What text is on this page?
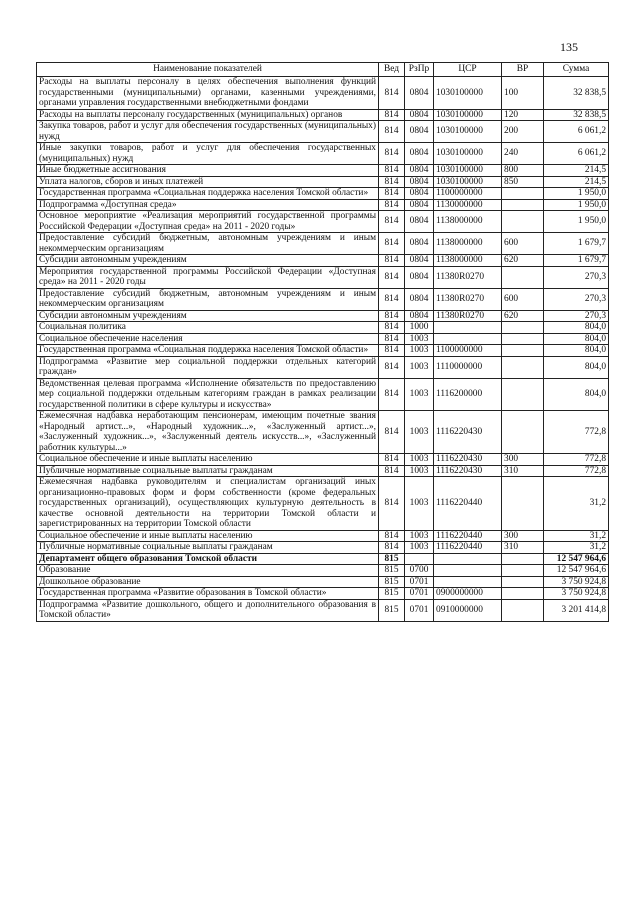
135
Наименование показателей	Вед	РзПр	ЦСР	ВР	Сумма
Расходы на выплаты персоналу в целях обеспечения выполнения функций государственными (муниципальными) органами, казенными учреждениями, органами управления государственными внебюджетными фондами	814	0804	1030100000	100	32 838,5
Расходы на выплаты персоналу государственных (муниципальных) органов	814	0804	1030100000	120	32 838,5
Закупка товаров, работ и услуг для обеспечения государственных (муниципальных) нужд	814	0804	1030100000	200	6 061,2
Иные закупки товаров, работ и услуг для обеспечения государственных (муниципальных) нужд	814	0804	1030100000	240	6 061,2
Иные бюджетные ассигнования	814	0804	1030100000	800	214,5
Уплата налогов, сборов и иных платежей	814	0804	1030100000	850	214,5
Государственная программа «Социальная поддержка населения Томской области»	814	0804	1100000000		1 950,0
Подпрограмма «Доступная среда»	814	0804	1130000000		1 950,0
Основное мероприятие «Реализация мероприятий государственной программы Российской Федерации «Доступная среда» на 2011 - 2020 годы»	814	0804	1138000000		1 950,0
Предоставление субсидий бюджетным, автономным учреждениям и иным некоммерческим организациям	814	0804	1138000000	600	1 679,7
Субсидии автономным учреждениям	814	0804	1138000000	620	1 679,7
Мероприятия государственной программы Российской Федерации «Доступная среда» на 2011 - 2020 годы	814	0804	11380R0270		270,3
Предоставление субсидий бюджетным, автономным учреждениям и иным некоммерческим организациям	814	0804	11380R0270	600	270,3
Субсидии автономным учреждениям	814	0804	11380R0270	620	270,3
Социальная политика	814	1000			804,0
Социальное обеспечение населения	814	1003			804,0
Государственная программа «Социальная поддержка населения Томской области»	814	1003	1100000000		804,0
Подпрограмма «Развитие мер социальной поддержки отдельных категорий граждан»	814	1003	1110000000		804,0
Ведомственная целевая программа «Исполнение обязательств по предоставлению мер социальной поддержки отдельным категориям граждан в рамках реализации государственной политики в сфере культуры и искусства»	814	1003	1116200000		804,0
Ежемесячная надбавка неработающим пенсионерам, имеющим почетные звания «Народный артист...», «Народный художник...», «Заслуженный артист...», «Заслуженный художник...», «Заслуженный деятель искусств...», «Заслуженный работник культуры...»	814	1003	1116220430		772,8
Социальное обеспечение и иные выплаты населению	814	1003	1116220430	300	772,8
Публичные нормативные социальные выплаты гражданам	814	1003	1116220430	310	772,8
Ежемесячная надбавка руководителям и специалистам организаций иных организационно-правовых форм и форм собственности (кроме федеральных государственных организаций), осуществляющих культурную деятельность в качестве основной деятельности на территории Томской области и зарегистрированных на территории Томской области	814	1003	1116220440		31,2
Социальное обеспечение и иные выплаты населению	814	1003	1116220440	300	31,2
Публичные нормативные социальные выплаты гражданам	814	1003	1116220440	310	31,2
Департамент общего образования Томской области	815				12 547 964,6
Образование	815	0700			12 547 964,6
Дошкольное образование	815	0701			3 750 924,8
Государственная программа «Развитие образования в Томской области»	815	0701	0900000000		3 750 924,8
Подпрограмма «Развитие дошкольного, общего и дополнительного образования в Томской области»	815	0701	0910000000		3 201 414,8
